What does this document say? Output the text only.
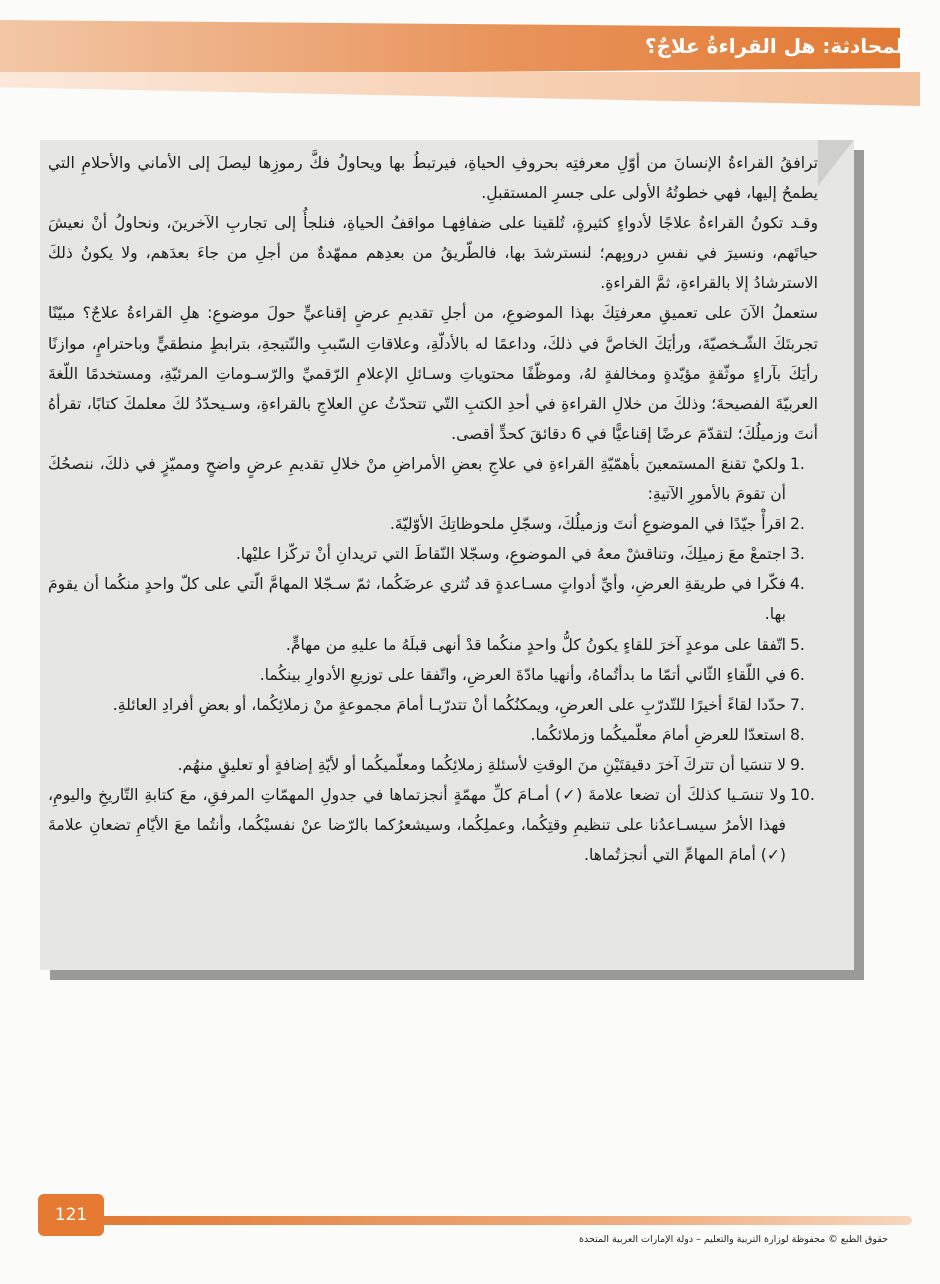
المحادثة: هل القراءةُ علاجٌ؟

ترافقُ القراءةُ الإنسانَ من أوّلِ معرفتِه بحروفِ الحياةِ، فيرتبطُ بها ويحاولُ فكَّ رموزِها ليصلَ إلى الأماني والأحلامِ التي يطمحُ إليها، فهي خطوتُهُ الأولى على جسرِ المستقبلِ.

وقـد تكونُ القراءةُ علاجًا لأدواءٍ كثيرةٍ، تُلقينا على ضفافِهـا مواقفُ الحياةِ، فنلجأُ إلى تجاربِ الآخرينَ، ونحاولُ أنْ نعيشَ حياتَهم، ونسيرَ في نفسِ دروبِهم؛ لنسترشدَ بها، فالطّريقُ من بعدِهم ممهّدةٌ من أجلِ من جاءَ بعدَهم، ولا يكونُ ذلكَ الاسترشادُ إلا بالقراءةِ، ثمَّ القراءةِ.

ستعملُ الآنَ على تعميقِ معرفتِكَ بهذا الموضوعِ، من أجلِ تقديمِ عرضٍ إقناعيٍّ حولَ موضوعِ: هلِ القراءةُ علاجٌ؟ مبيّنًا تجربتَكَ الشّـخصيّةَ، ورأيَكَ الخاصَّ في ذلكَ، وداعمًا له بالأدلّةِ، وعلاقاتِ السّببِ والنّتيجةِ، بترابطٍ منطقيٍّ وباحترامٍ، موازنًا رأيَكَ بآراءٍ موثّقةٍ مؤيّدةٍ ومخالفةٍ لهُ، وموظّفًا محتوياتِ وسـائلِ الإعلامِ الرّقميِّ والرّسـوماتِ المرئيّةِ، ومستخدمًا اللّغةَ العربيّةَ الفصيحةَ؛ وذلكَ من خلالِ القراءةِ في أحدِ الكتبِ التّي تتحدّثُ عنِ العلاجِ بالقراءةِ، وسـيحدّدُ لكَ معلمكَ كتابًا، تقرأهُ أنتَ وزميلُكَ؛ لتقدّمَ عرضًا إقناعيًّا في 6 دقائقَ كحدٍّ أقصى.

1.
ولكيْ تقنعَ المستمعينَ بأهمّيّةِ القراءةِ في علاجِ بعضِ الأمراضِ منْ خلالِ تقديمِ عرضٍ واضحٍ ومميّزٍ في ذلكَ، ننصحُكَ أن تقومَ بالأمورِ الآتيةِ:
2.
اقرأْ جيّدًا في الموضوعِ أنتَ وزميلُكَ، وسجّلِ ملحوظاتِكَ الأوّليّةَ.
3.
اجتمعْ معَ زميلِكَ، وتناقشْ معهُ في الموضوعِ، وسجّلا النّقاطَ التي تريدانِ أنْ تركّزا عليْها.
4.
فكّرا في طريقةِ العرضِ، وأيِّ أدواتٍ مسـاعدةٍ قد تُثري عرضَكُما، ثمّ سـجّلا المهامَّ الّتي على كلّ واحدٍ منكُما أن يقومَ بها.
5.
اتّفقا على موعدٍ آخرَ للقاءٍ يكونُ كلُّ واحدٍ منكُما قدْ أنهى قبلَهُ ما عليهِ من مهامٍّ.
6.
في اللّقاءِ الثّاني أتمّا ما بدأتُماهُ، وأنهيا مادّةَ العرضِ، واتّفقا على توزيعِ الأدوارِ بينكُما.
7.
حدّدا لقاءً أخيرًا للتّدرّبِ على العرضِ، ويمكنُكُما أنْ تتدرّبـا أمامَ مجموعةٍ منْ زملائِكُما، أو بعضِ أفرادِ العائلةِ.
8.
استعدّا للعرضِ أمامَ معلّميكُما وزملائكُما.
9.
لا تنسَيا أن تتركَ آخرَ دقيقتَيْنِ منَ الوقتِ لأسئلةِ زملائِكُما ومعلّميكُما أو لأيّةِ إضافةٍ أو تعليقٍ منهُم.
10.
ولا تنسَـيا كذلكَ أن تضعا علامةَ (✓) أمـامَ كلِّ مهمّةٍ أنجزتماها في جدولِ المهمّاتِ المرفقِ، معَ كتابةِ التّاريخِ واليومِ، فهذا الأمرُ سيسـاعدُنا على تنظيمِ وقتِكُما، وعملِكُما، وسيشعرُكما بالرّضا عنْ نفسيْكُما، وأنتُما معَ الأيّامِ تضعانِ علامةَ (✓) أمامَ المهامِّ التي أنجزتُماها.
121
حقوق الطبع © محفوظة لوزارة التربية والتعليم – دولة الإمارات العربية المتحدة
